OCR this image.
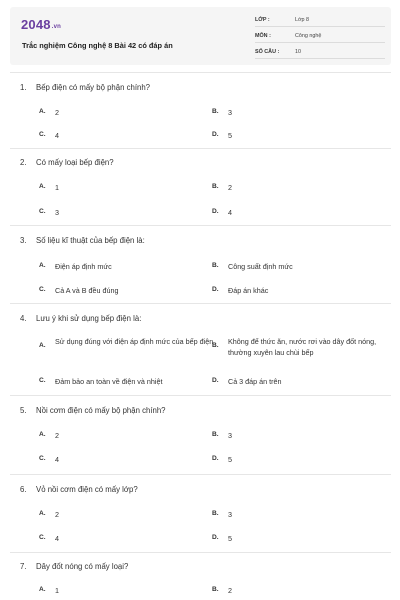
2048.vn
Trắc nghiệm Công nghệ 8 Bài 42 có đáp án
LỚP :	Lớp 8
MÔN :	Công nghệ
SỐ CÂU :	10
1. Bếp điện có mấy bộ phận chính?
A. 2	B. 3
C. 4	D. 5
2. Có mấy loại bếp điện?
A. 1	B. 2
C. 3	D. 4
3. Số liệu kĩ thuật của bếp điện là:
A. Điện áp định mức	B. Công suất định mức
C. Cả A và B đều đúng	D. Đáp án khác
4. Lưu ý khi sử dụng bếp điện là:
A. Sử dụng đúng với điện áp định mức của bếp điện
B. Không để thức ăn, nước rơi vào dây đốt nóng, thường xuyên lau chùi bếp
C. Đảm bảo an toàn về điện và nhiệt	D. Cả 3 đáp án trên
5. Nồi cơm điện có mấy bộ phận chính?
A. 2	B. 3
C. 4	D. 5
6. Vỏ nồi cơm điện có mấy lớp?
A. 2	B. 3
C. 4	D. 5
7. Dây đốt nóng có mấy loại?
A. 1	B. 2
